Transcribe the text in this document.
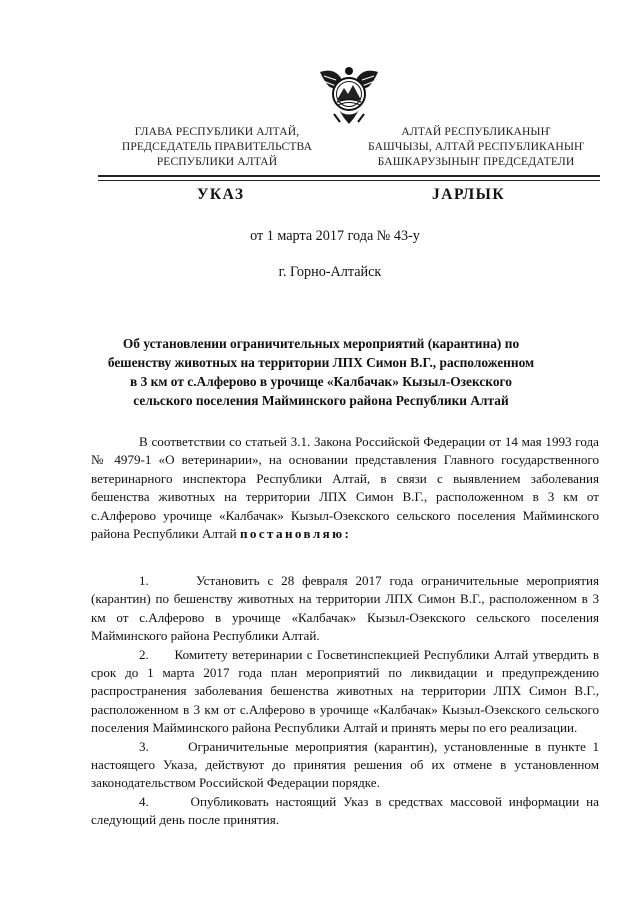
ГЛАВА РЕСПУБЛИКИ АЛТАЙ,
ПРЕДСЕДАТЕЛЬ ПРАВИТЕЛЬСТВА
РЕСПУБЛИКИ АЛТАЙ
АЛТАЙ РЕСПУБЛИКАНЫҤ
БАШЧЫЗЫ, АЛТАЙ РЕСПУБЛИКАНЫҤ
БАШКАРУЗЫНЫҤ ПРЕДСЕДАТЕЛИ
УКАЗ	JАРЛЫК
от 1 марта 2017 года № 43-у
г. Горно-Алтайск
Об установлении ограничительных мероприятий (карантина) по
бешенству животных на территории ЛПХ Симон В.Г., расположенном
в 3 км от с.Алферово в урочище «Калбачак» Кызыл-Озекского
сельского поселения Майминского района Республики Алтай

В соответствии со статьей 3.1. Закона Российской Федерации от 14 мая 1993 года № 4979-1 «О ветеринарии», на основании представления Главного государственного ветеринарного инспектора Республики Алтай, в связи с выявлением заболевания бешенства животных на территории ЛПХ Симон В.Г., расположенном в 3 км от с.Алферово урочище «Калбачак» Кызыл-Озекского сельского поселения Майминского района Республики Алтай постановляю:

1.	Установить с 28 февраля 2017 года ограничительные мероприятия (карантин) по бешенству животных на территории ЛПХ Симон В.Г., расположенном в 3 км от с.Алферово в урочище «Калбачак» Кызыл-Озекского сельского поселения Майминского района Республики Алтай.

2. Комитету ветеринарии с Госветинспекцией Республики Алтай утвердить в срок до 1 марта 2017 года план мероприятий по ликвидации и предупреждению распространения заболевания бешенства животных на территории ЛПХ Симон В.Г., расположенном в 3 км от с.Алферово в урочище «Калбачак» Кызыл-Озекского сельского поселения Майминского района Республики Алтай и принять меры по его реализации.

3.	Ограничительные мероприятия (карантин), установленные в пункте 1 настоящего Указа, действуют до принятия решения об их отмене в установленном законодательством Российской Федерации порядке.

4.	Опубликовать настоящий Указ в средствах массовой информации на следующий день после принятия.
